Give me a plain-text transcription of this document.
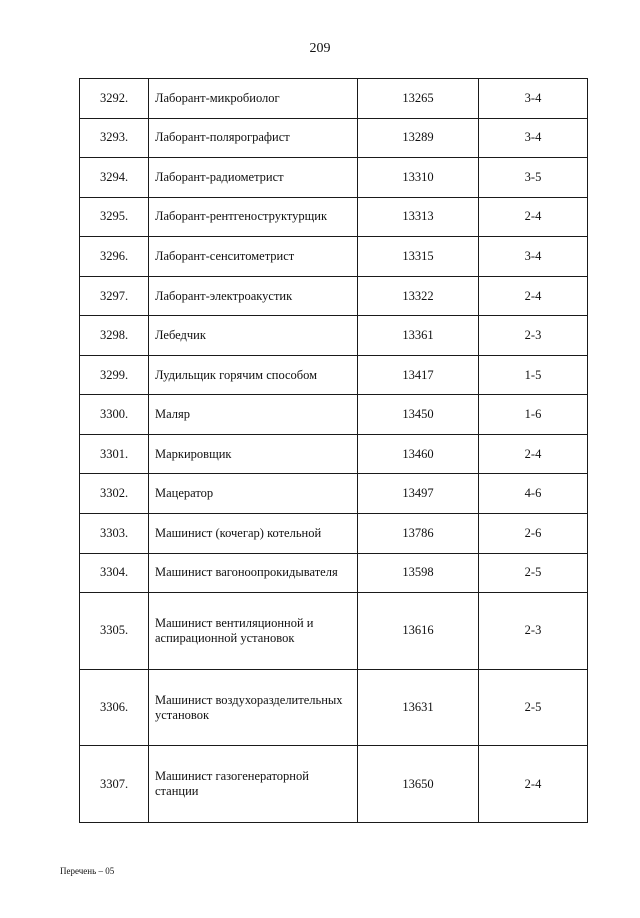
209
3292.	Лаборант-микробиолог	13265	3-4
3293.	Лаборант-полярографист	13289	3-4
3294.	Лаборант-радиометрист	13310	3-5
3295.	Лаборант-рентгеноструктурщик	13313	2-4
3296.	Лаборант-сенситометрист	13315	3-4
3297.	Лаборант-электроакустик	13322	2-4
3298.	Лебедчик	13361	2-3
3299.	Лудильщик горячим способом	13417	1-5
3300.	Маляр	13450	1-6
3301.	Маркировщик	13460	2-4
3302.	Мацератор	13497	4-6
3303.	Машинист (кочегар) котельной	13786	2-6
3304.	Машинист вагоноопрокидывателя	13598	2-5
3305.	Машинист вентиляционной и аспирационной установок	13616	2-3
3306.	Машинист воздухоразделительных установок	13631	2-5
3307.	Машинист газогенераторной станции	13650	2-4
Перечень – 05
